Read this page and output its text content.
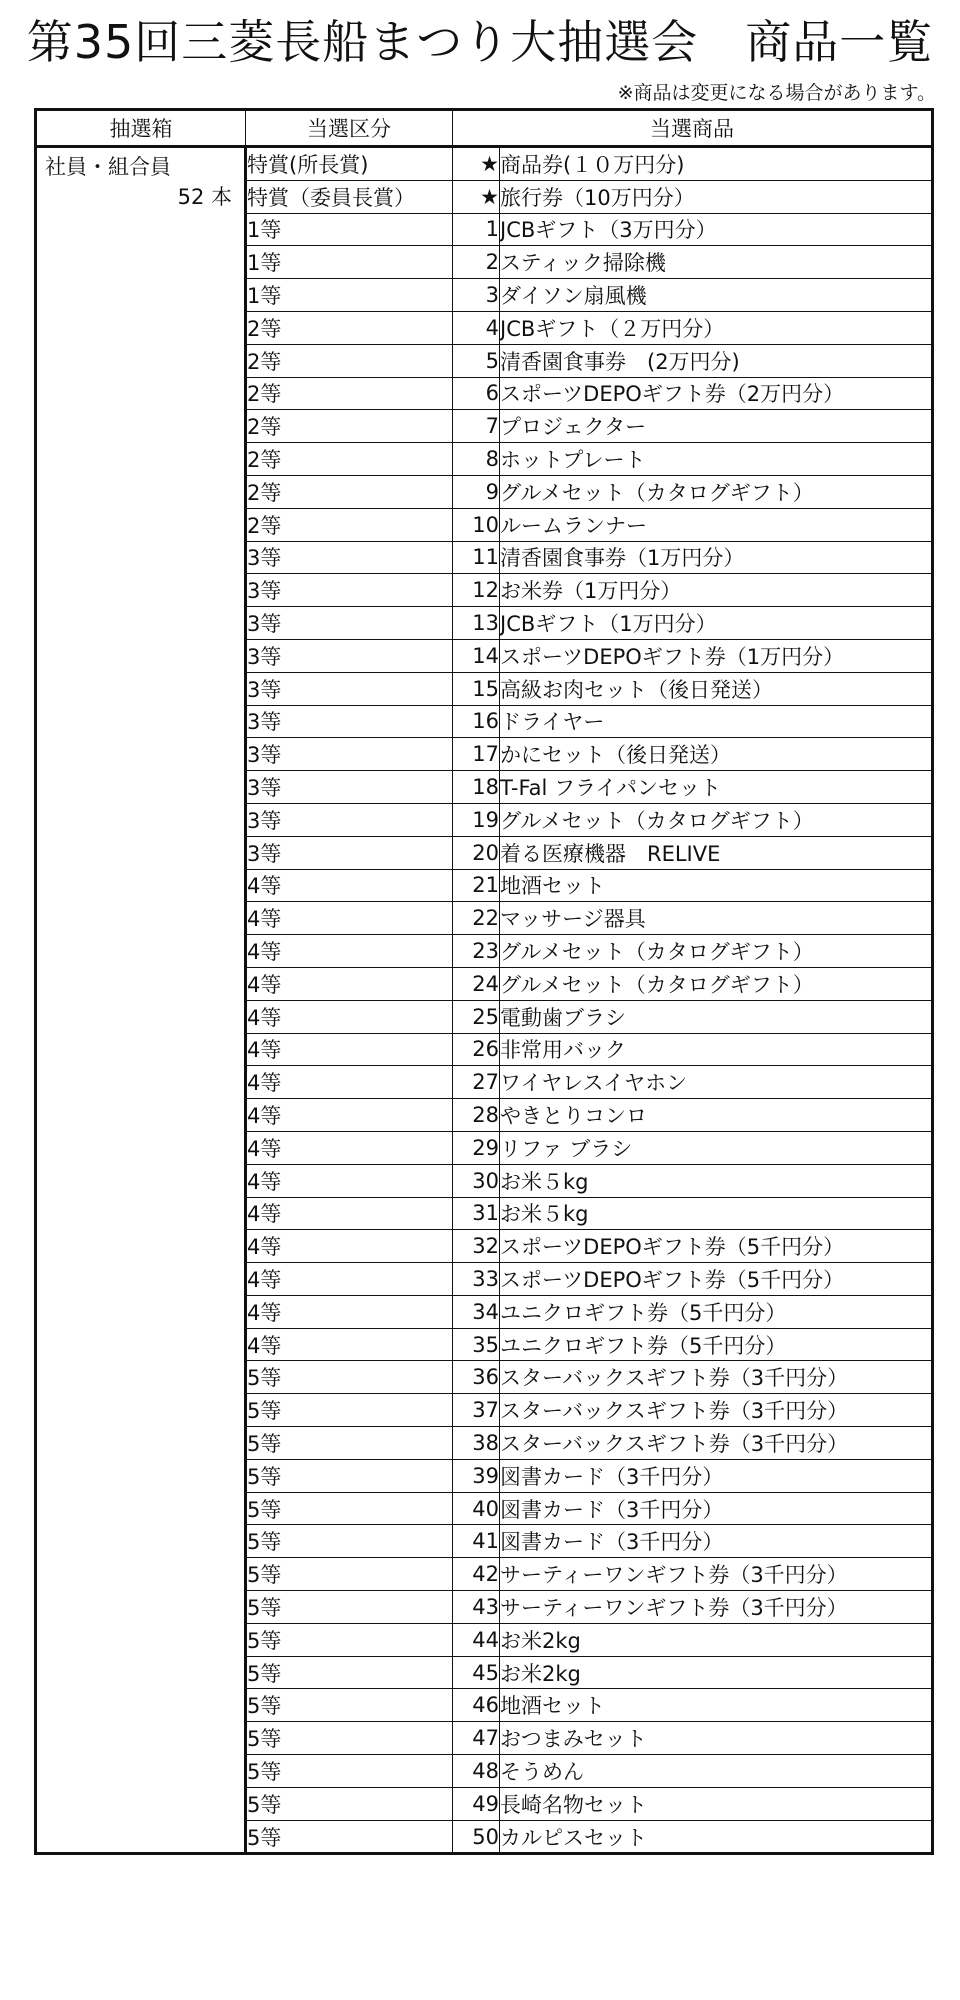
第35回三菱長船まつり大抽選会　商品一覧
※商品は変更になる場合があります。
抽選箱	当選区分	当選商品	

社員・組合員
52 本	特賞(所長賞)	★	商品券(１０万円分)
	特賞（委員長賞）	★	旅行券（10万円分）
	1等	1	JCBギフト（3万円分）
	1等	2	スティック掃除機
	1等	3	ダイソン扇風機
	2等	4	JCBギフト（２万円分）
	2等	5	清香園食事券　(2万円分)
	2等	6	スポーツDEPOギフト券（2万円分）
	2等	7	プロジェクター
	2等	8	ホットプレート
	2等	9	グルメセット（カタログギフト）
	2等	10	ルームランナー
	3等	11	清香園食事券（1万円分）
	3等	12	お米券（1万円分）
	3等	13	JCBギフト（1万円分）
	3等	14	スポーツDEPOギフト券（1万円分）
	3等	15	高級お肉セット（後日発送）
	3等	16	ドライヤー
	3等	17	かにセット（後日発送）
	3等	18	T-Fal フライパンセット
	3等	19	グルメセット（カタログギフト）
	3等	20	着る医療機器　RELIVE
	4等	21	地酒セット
	4等	22	マッサージ器具
	4等	23	グルメセット（カタログギフト）
	4等	24	グルメセット（カタログギフト）
	4等	25	電動歯ブラシ
	4等	26	非常用バック
	4等	27	ワイヤレスイヤホン
	4等	28	やきとりコンロ
	4等	29	リファ ブラシ
	4等	30	お米５kg
	4等	31	お米５kg
	4等	32	スポーツDEPOギフト券（5千円分）
	4等	33	スポーツDEPOギフト券（5千円分）
	4等	34	ユニクロギフト券（5千円分）
	4等	35	ユニクロギフト券（5千円分）
	5等	36	スターバックスギフト券（3千円分）
	5等	37	スターバックスギフト券（3千円分）
	5等	38	スターバックスギフト券（3千円分）
	5等	39	図書カード（3千円分）
	5等	40	図書カード（3千円分）
	5等	41	図書カード（3千円分）
	5等	42	サーティーワンギフト券（3千円分）
	5等	43	サーティーワンギフト券（3千円分）
	5等	44	お米2kg
	5等	45	お米2kg
	5等	46	地酒セット
	5等	47	おつまみセット
	5等	48	そうめん
	5等	49	長崎名物セット
	5等	50	カルピスセット
